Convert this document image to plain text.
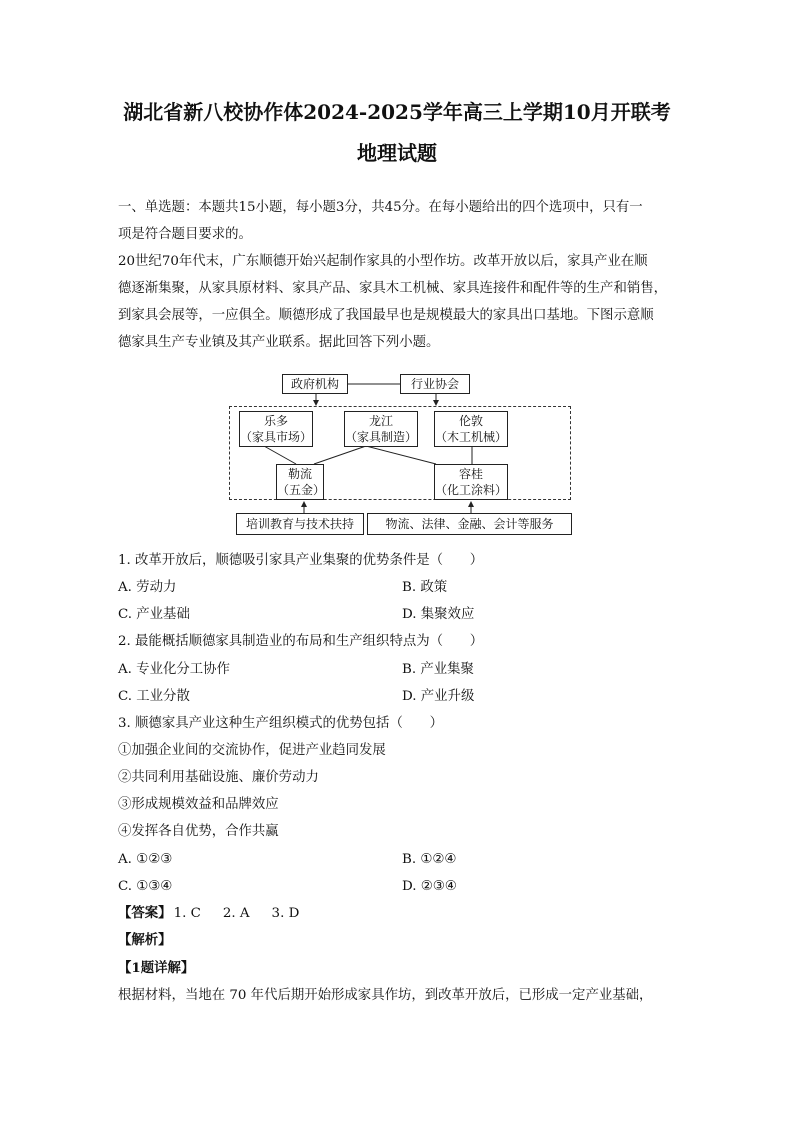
湖北省新八校协作体2024-2025学年高三上学期10月开联考
地理试题
一、单选题：本题共15小题，每小题3分，共45分。在每小题给出的四个选项中，只有一
项是符合题目要求的。
20世纪70年代末，广东顺德开始兴起制作家具的小型作坊。改革开放以后，家具产业在顺
德逐渐集聚，从家具原材料、家具产品、家具木工机械、家具连接件和配件等的生产和销售，
到家具会展等，一应俱全。顺德形成了我国最早也是规模最大的家具出口基地。下图示意顺
德家具生产专业镇及其产业联系。据此回答下列小题。
政府机构	行业协会
乐多
（家具市场）
龙江
（家具制造）
伦敦
（木工机械）
勒流
（五金）
容桂
（化工涂料）
培训教育与技术扶持	物流、法律、金融、会计等服务
1. 改革开放后，顺德吸引家具产业集聚的优势条件是（　　）
A. 劳动力	B. 政策
C. 产业基础	D. 集聚效应
2. 最能概括顺德家具制造业的布局和生产组织特点为（　　）
A. 专业化分工协作	B. 产业集聚
C. 工业分散	D. 产业升级
3. 顺德家具产业这种生产组织模式的优势包括（　　）
①加强企业间的交流协作，促进产业趋同发展
②共同利用基础设施、廉价劳动力
③形成规模效益和品牌效应
④发挥各自优势，合作共赢
A. ①②③	B. ①②④
C. ①③④	D. ②③④
【答案】 1. C 2. A 3. D
【解析】
【1题详解】
根据材料，当地在 70 年代后期开始形成家具作坊，到改革开放后，已形成一定产业基础，
